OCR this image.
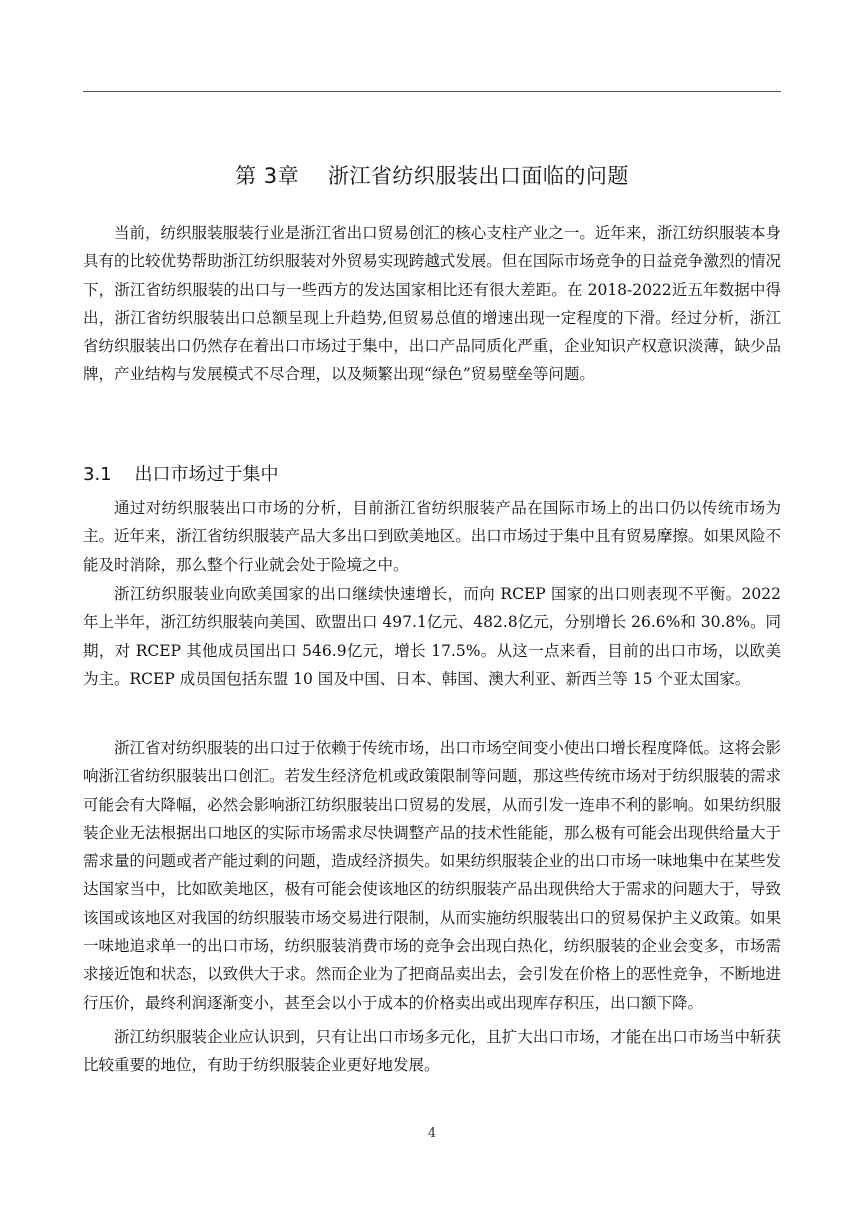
第 3章    浙江省纺织服装出口面临的问题

当前，纺织服装服装行业是浙江省出口贸易创汇的核心支柱产业之一。近年来，浙江纺织服装本身具有的比较优势帮助浙江纺织服装对外贸易实现跨越式发展。但在国际市场竞争的日益竞争激烈的情况下，浙江省纺织服装的出口与一些西方的发达国家相比还有很大差距。在 2018-2022近五年数据中得出，浙江省纺织服装出口总额呈现上升趋势,但贸易总值的增速出现一定程度的下滑。经过分析，浙江省纺织服装出口仍然存在着出口市场过于集中，出口产品同质化严重，企业知识产权意识淡薄，缺少品牌，产业结构与发展模式不尽合理，以及频繁出现“绿色”贸易壁垒等问题。

3.1    出口市场过于集中

通过对纺织服装出口市场的分析，目前浙江省纺织服装产品在国际市场上的出口仍以传统市场为主。近年来，浙江省纺织服装产品大多出口到欧美地区。出口市场过于集中且有贸易摩擦。如果风险不能及时消除，那么整个行业就会处于险境之中。

浙江纺织服装业向欧美国家的出口继续快速增长，而向 RCEP 国家的出口则表现不平衡。2022 年上半年，浙江纺织服装向美国、欧盟出口 497.1亿元、482.8亿元，分别增长 26.6%和 30.8%。同期，对 RCEP 其他成员国出口 546.9亿元，增长 17.5%。从这一点来看，目前的出口市场，以欧美为主。RCEP 成员国包括东盟 10 国及中国、日本、韩国、澳大利亚、新西兰等 15 个亚太国家。

浙江省对纺织服装的出口过于依赖于传统市场，出口市场空间变小使出口增长程度降低。这将会影响浙江省纺织服装出口创汇。若发生经济危机或政策限制等问题，那这些传统市场对于纺织服装的需求可能会有大降幅，必然会影响浙江纺织服装出口贸易的发展，从而引发一连串不利的影响。如果纺织服装企业无法根据出口地区的实际市场需求尽快调整产品的技术性能能，那么极有可能会出现供给量大于需求量的问题或者产能过剩的问题，造成经济损失。如果纺织服装企业的出口市场一味地集中在某些发达国家当中，比如欧美地区，极有可能会使该地区的纺织服装产品出现供给大于需求的问题大于，导致该国或该地区对我国的纺织服装市场交易进行限制，从而实施纺织服装出口的贸易保护主义政策。如果一味地追求单一的出口市场，纺织服装消费市场的竞争会出现白热化，纺织服装的企业会变多，市场需求接近饱和状态，以致供大于求。然而企业为了把商品卖出去，会引发在价格上的恶性竞争，不断地进行压价，最终利润逐渐变小，甚至会以小于成本的价格卖出或出现库存积压，出口额下降。

浙江纺织服装企业应认识到，只有让出口市场多元化，且扩大出口市场，才能在出口市场当中斩获比较重要的地位，有助于纺织服装企业更好地发展。

4
